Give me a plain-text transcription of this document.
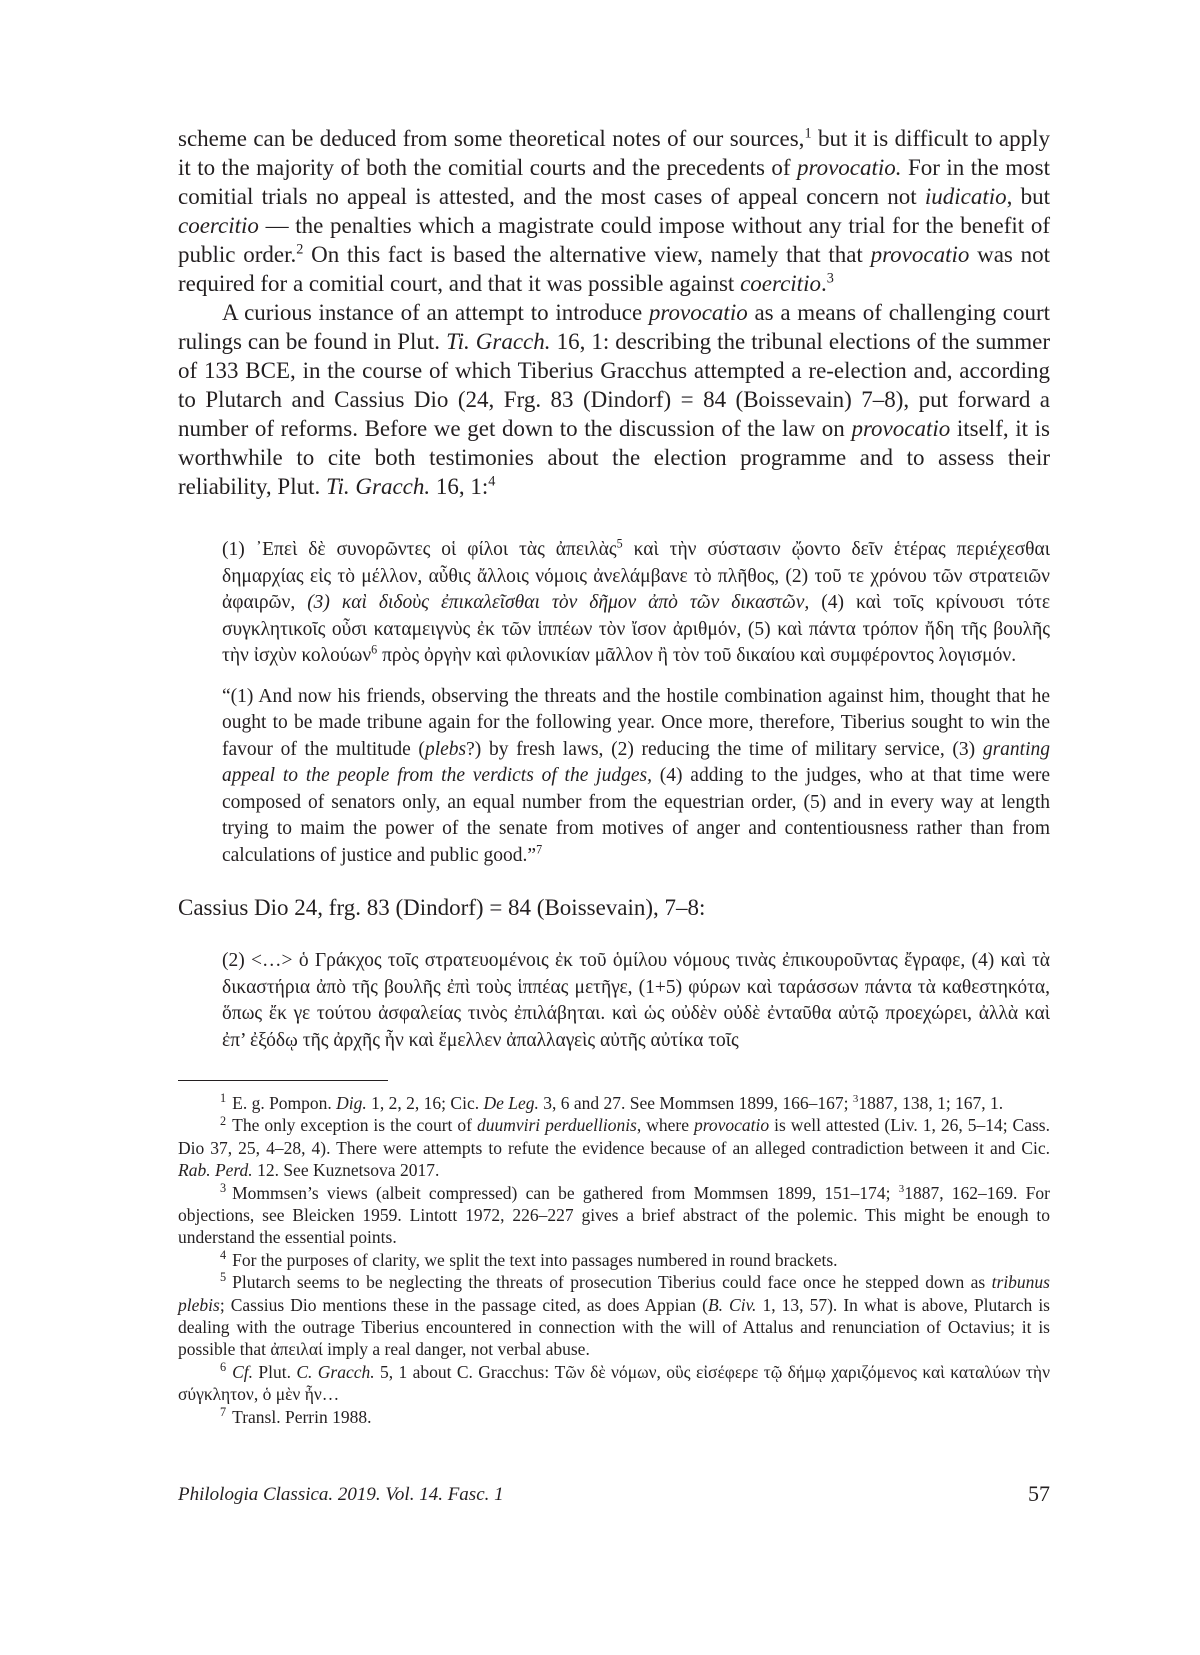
scheme can be deduced from some theoretical notes of our sources,$^1$ but it is difficult to apply it to the majority of both the comitial courts and the precedents of provocatio. For in the most comitial trials no appeal is attested, and the most cases of appeal concern not iudicatio, but coercitio — the penalties which a magistrate could impose without any trial for the benefit of public order.$^2$ On this fact is based the alternative view, namely that that provocatio was not required for a comitial court, and that it was possible against coercitio.$^3$

A curious instance of an attempt to introduce provocatio as a means of challenging court rulings can be found in Plut. Ti. Gracch. 16, 1: describing the tribunal elections of the summer of 133 BCE, in the course of which Tiberius Gracchus attempted a re-election and, according to Plutarch and Cassius Dio (24, Frg. 83 (Dindorf) = 84 (Boissevain) 7–8), put forward a number of reforms. Before we get down to the discussion of the law on provocatio itself, it is worthwhile to cite both testimonies about the election programme and to assess their reliability, Plut. Ti. Gracch. 16, 1:$^4$

(1) ᾿Επεὶ δὲ συνορῶντες οἱ φίλοι τὰς ἀπειλὰς$^5$ καὶ τὴν σύστασιν ᾤοντο δεῖν ἑτέρας περιέχεσθαι δημαρχίας εἰς τὸ μέλλον, αὖθις ἄλλοις νόμοις ἀνελάμβανε τὸ πλῆθος, (2) τοῦ τε χρόνου τῶν στρατειῶν ἀφαιρῶν, (3) καὶ διδοὺς ἐπικαλεῖσθαι τὸν δῆμον ἀπὸ τῶν δικαστῶν, (4) καὶ τοῖς κρίνουσι τότε συγκλητικοῖς οὖσι καταμειγνὺς ἐκ τῶν ἱππέων τὸν ἴσον ἀριθμόν, (5) καὶ πάντα τρόπον ἤδη τῆς βουλῆς τὴν ἰσχὺν κολούων$^6$ πρὸς ὀργὴν καὶ φιλονικίαν μᾶλλον ἢ τὸν τοῦ δικαίου καὶ συμφέροντος λογισμόν.

“(1) And now his friends, observing the threats and the hostile combination against him, thought that he ought to be made tribune again for the following year. Once more, therefore, Tiberius sought to win the favour of the multitude (plebs?) by fresh laws, (2) reducing the time of military service, (3) granting appeal to the people from the verdicts of the judges, (4) adding to the judges, who at that time were composed of senators only, an equal number from the equestrian order, (5) and in every way at length trying to maim the power of the senate from motives of anger and contentiousness rather than from calculations of justice and public good.”$^7$

Cassius Dio 24, frg. 83 (Dindorf) = 84 (Boissevain), 7–8:

(2) <…> ὁ Γράκχος τοῖς στρατευομένοις ἐκ τοῦ ὁμίλου νόμους τινὰς ἐπικουροῦντας ἔγραφε, (4) καὶ τὰ δικαστήρια ἀπὸ τῆς βουλῆς ἐπὶ τοὺς ἱππέας μετῆγε, (1+5) φύρων καὶ ταράσσων πάντα τὰ καθεστηκότα, ὅπως ἔκ γε τούτου ἀσφαλείας τινὸς ἐπιλάβηται. καὶ ὡς οὐδὲν οὐδὲ ἐνταῦθα αὐτῷ προεχώρει, ἀλλὰ καὶ ἐπ’ ἐξόδῳ τῆς ἀρχῆς ἦν καὶ ἔμελλεν ἀπαλλαγεὶς αὐτῆς αὐτίκα τοῖς

$^1$ E. g. Pompon. Dig. 1, 2, 2, 16; Cic. De Leg. 3, 6 and 27. See Mommsen 1899, 166–167; $^3$1887, 138, 1; 167, 1.

$^2$ The only exception is the court of duumviri perduellionis, where provocatio is well attested (Liv. 1, 26, 5–14; Cass. Dio 37, 25, 4–28, 4). There were attempts to refute the evidence because of an alleged contradiction between it and Cic. Rab. Perd. 12. See Kuznetsova 2017.

$^3$ Mommsen’s views (albeit compressed) can be gathered from Mommsen 1899, 151–174; $^3$1887, 162–169. For objections, see Bleicken 1959. Lintott 1972, 226–227 gives a brief abstract of the polemic. This might be enough to understand the essential points.

$^4$ For the purposes of clarity, we split the text into passages numbered in round brackets.

$^5$ Plutarch seems to be neglecting the threats of prosecution Tiberius could face once he stepped down as tribunus plebis; Cassius Dio mentions these in the passage cited, as does Appian (B. Civ. 1, 13, 57). In what is above, Plutarch is dealing with the outrage Tiberius encountered in connection with the will of Attalus and renunciation of Octavius; it is possible that ἀπειλαί imply a real danger, not verbal abuse.

$^6$ Cf. Plut. C. Gracch. 5, 1 about C. Gracchus: Τῶν δὲ νόμων, οὓς εἰσέφερε τῷ δήμῳ χαριζόμενος καὶ καταλύων τὴν σύγκλητον, ὁ μὲν ἦν…

$^7$ Transl. Perrin 1988.

Philologia Classica. 2019. Vol. 14. Fasc. 1	57
